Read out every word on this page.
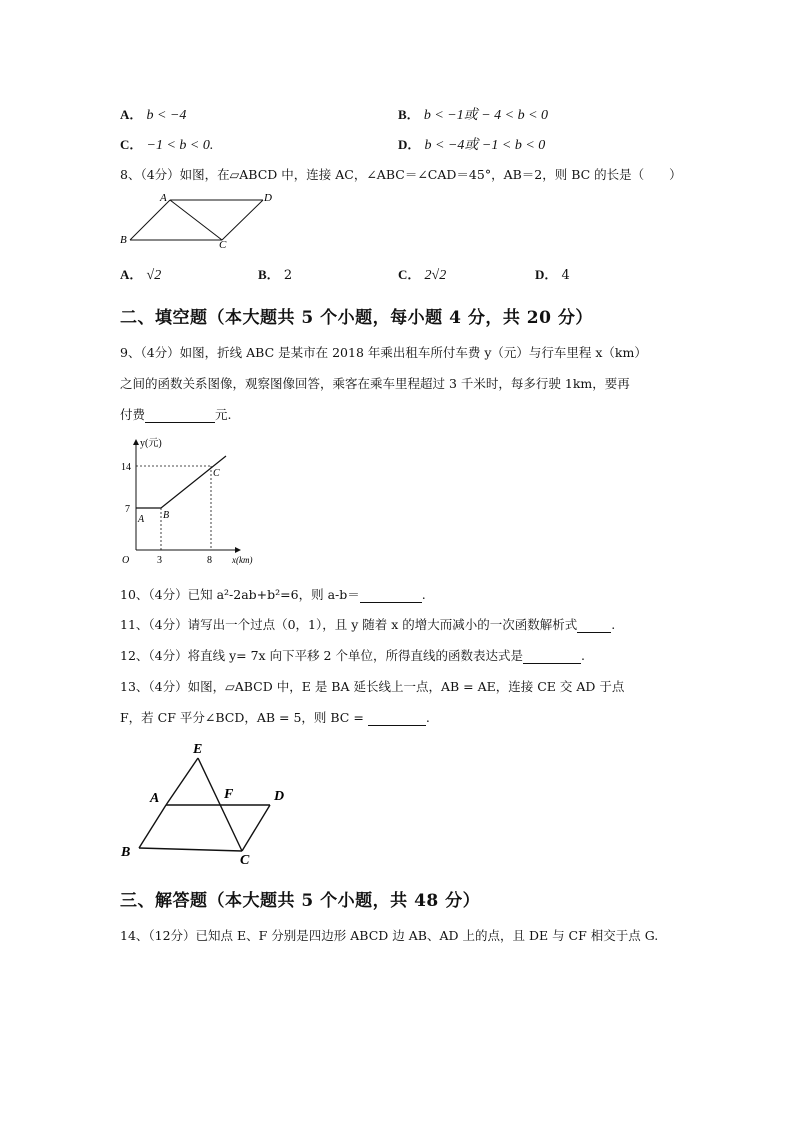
A． b < −4	B． b < −1或 − 4 < b < 0
C． −1 < b < 0.	D． b < −4或 −1 < b < 0
8、（4分）如图，在▱ABCD 中，连接 AC，∠ABC＝∠CAD＝45°，AB＝2，则 BC 的长是（　　）
A	D
B	C
A． √2	B． 2	C． 2√2	D． 4
二、填空题（本大题共 5 个小题，每小题 4 分，共 20 分）
9、（4分）如图，折线 ABC 是某市在 2018 年乘出租车所付车费 y（元）与行车里程 x（km）
之间的函数关系图像，观察图像回答，乘客在乘车里程超过 3 千米时，每多行驶 1km，要再
付费	元.
y(元)
x(km)
O
14
7
3	8
A B
C
10、（4分）已知 a²-2ab+b²=6，则 a-b＝	.
11、（4分）请写出一个过点（0，1），且 y 随着 x 的增大而减小的一次函数解析式	.
12、（4分）将直线 y= 7x 向下平移 2 个单位，所得直线的函数表达式是	.
13、（4分）如图，▱ABCD 中，E 是 BA 延长线上一点，AB = AE，连接 CE 交 AD 于点
F，若 CF 平分∠BCD，AB = 5，则 BC =	.
E
A	F	D
B
C
三、解答题（本大题共 5 个小题，共 48 分）
14、（12分）已知点 E、F 分别是四边形 ABCD 边 AB、AD 上的点，且 DE 与 CF 相交于点 G.
